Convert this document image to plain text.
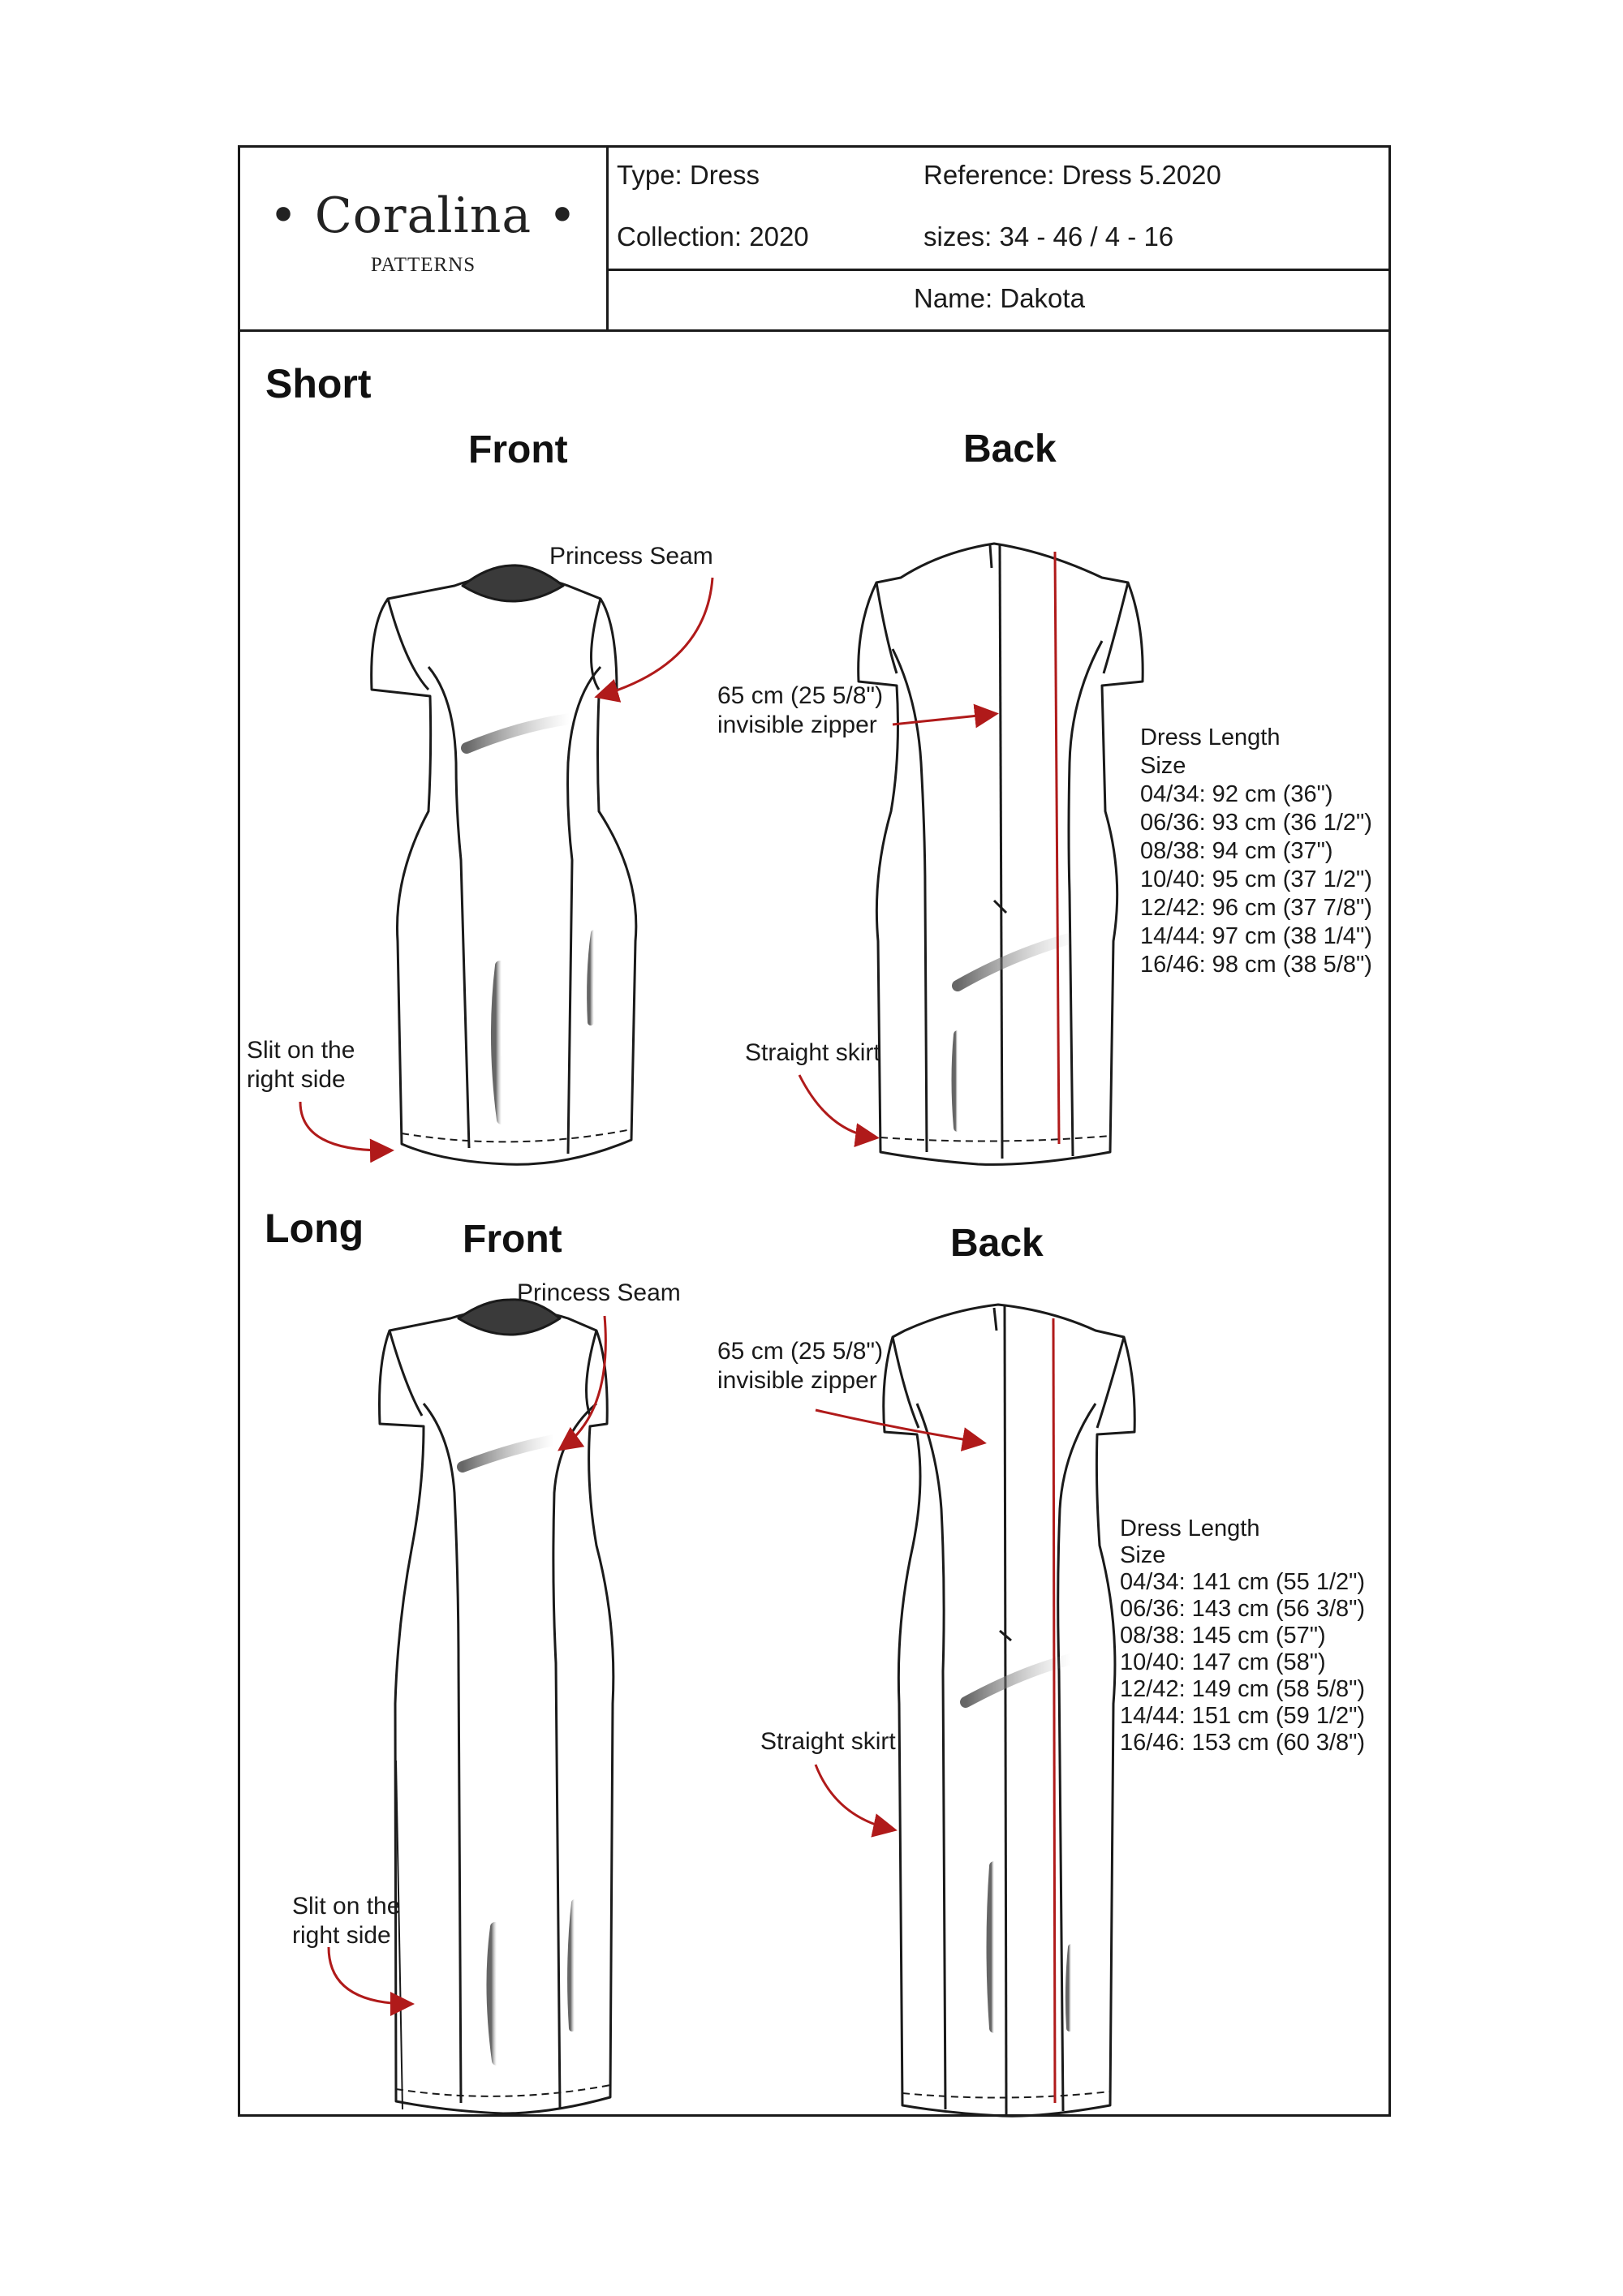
• Coralina •
PATTERNS
Type: Dress	Reference: Dress 5.2020
Collection: 2020	sizes: 34 - 46 / 4 - 16
Name: Dakota
Short
Front	Back
Long	Front	Back
Princess Seam
65 cm (25 5/8")
invisible zipper
Slit on the
right side
Straight skirt
Dress Length
Size
04/34: 92 cm (36")
06/36: 93 cm (36 1/2")
08/38: 94 cm (37")
10/40: 95 cm (37 1/2")
12/42: 96 cm (37 7/8")
14/44: 97 cm (38 1/4")
16/46: 98 cm (38 5/8")
Princess Seam
65 cm (25 5/8")
invisible zipper
Slit on the
right side
Straight skirt
Dress Length
Size
04/34: 141 cm (55 1/2")
06/36: 143 cm (56 3/8")
08/38: 145 cm (57")
10/40: 147 cm (58")
12/42: 149 cm (58 5/8")
14/44: 151 cm (59 1/2")
16/46: 153 cm (60 3/8")
